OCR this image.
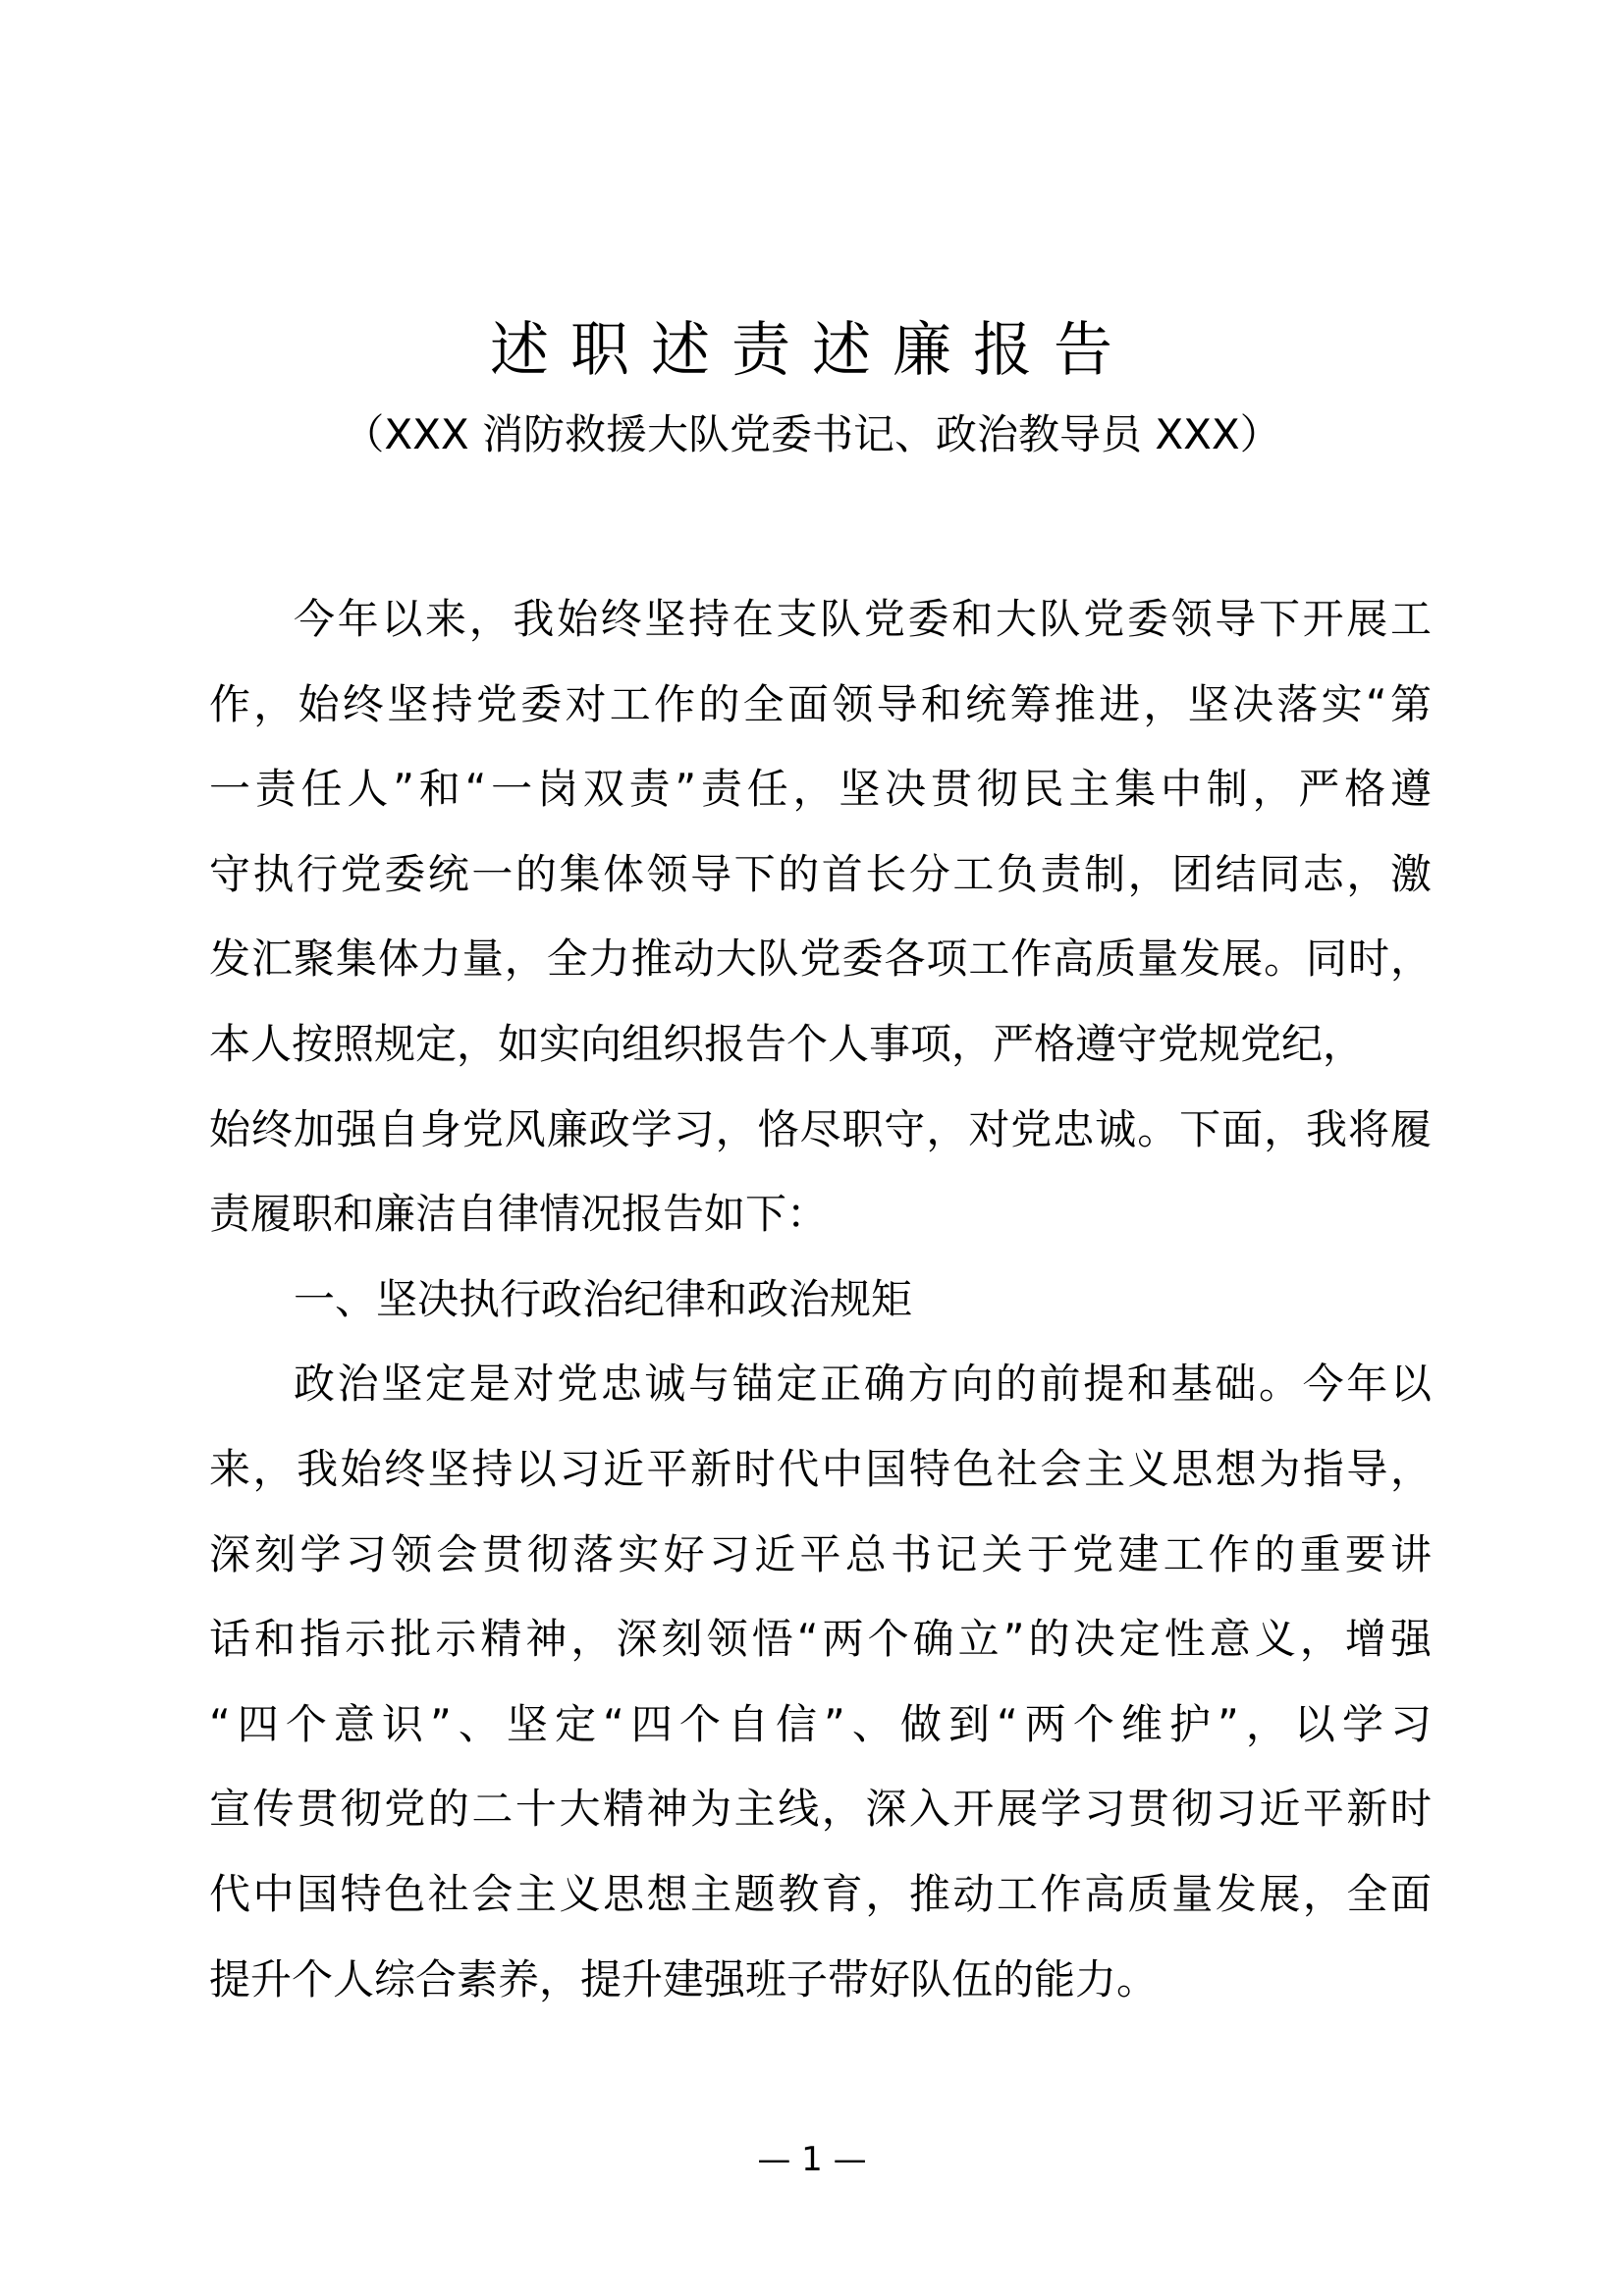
述职述责述廉报告
（XXX 消防救援大队党委书记、政治教导员 XXX）
今年以来，我始终坚持在支队党委和大队党委领导下开展工
作，始终坚持党委对工作的全面领导和统筹推进，坚决落实“第
一责任人”和“一岗双责”责任，坚决贯彻民主集中制，严格遵
守执行党委统一的集体领导下的首长分工负责制，团结同志，激
发汇聚集体力量，全力推动大队党委各项工作高质量发展。同时，
本人按照规定，如实向组织报告个人事项，严格遵守党规党纪，
始终加强自身党风廉政学习，恪尽职守，对党忠诚。下面，我将履
责履职和廉洁自律情况报告如下：
一、坚决执行政治纪律和政治规矩
政治坚定是对党忠诚与锚定正确方向的前提和基础。今年以
来，我始终坚持以习近平新时代中国特色社会主义思想为指导，
深刻学习领会贯彻落实好习近平总书记关于党建工作的重要讲
话和指示批示精神，深刻领悟“两个确立”的决定性意义，增强
“四个意识”、坚定“四个自信”、做到“两个维护”，以学习
宣传贯彻党的二十大精神为主线，深入开展学习贯彻习近平新时
代中国特色社会主义思想主题教育，推动工作高质量发展，全面
提升个人综合素养，提升建强班子带好队伍的能力。
— 1 —
